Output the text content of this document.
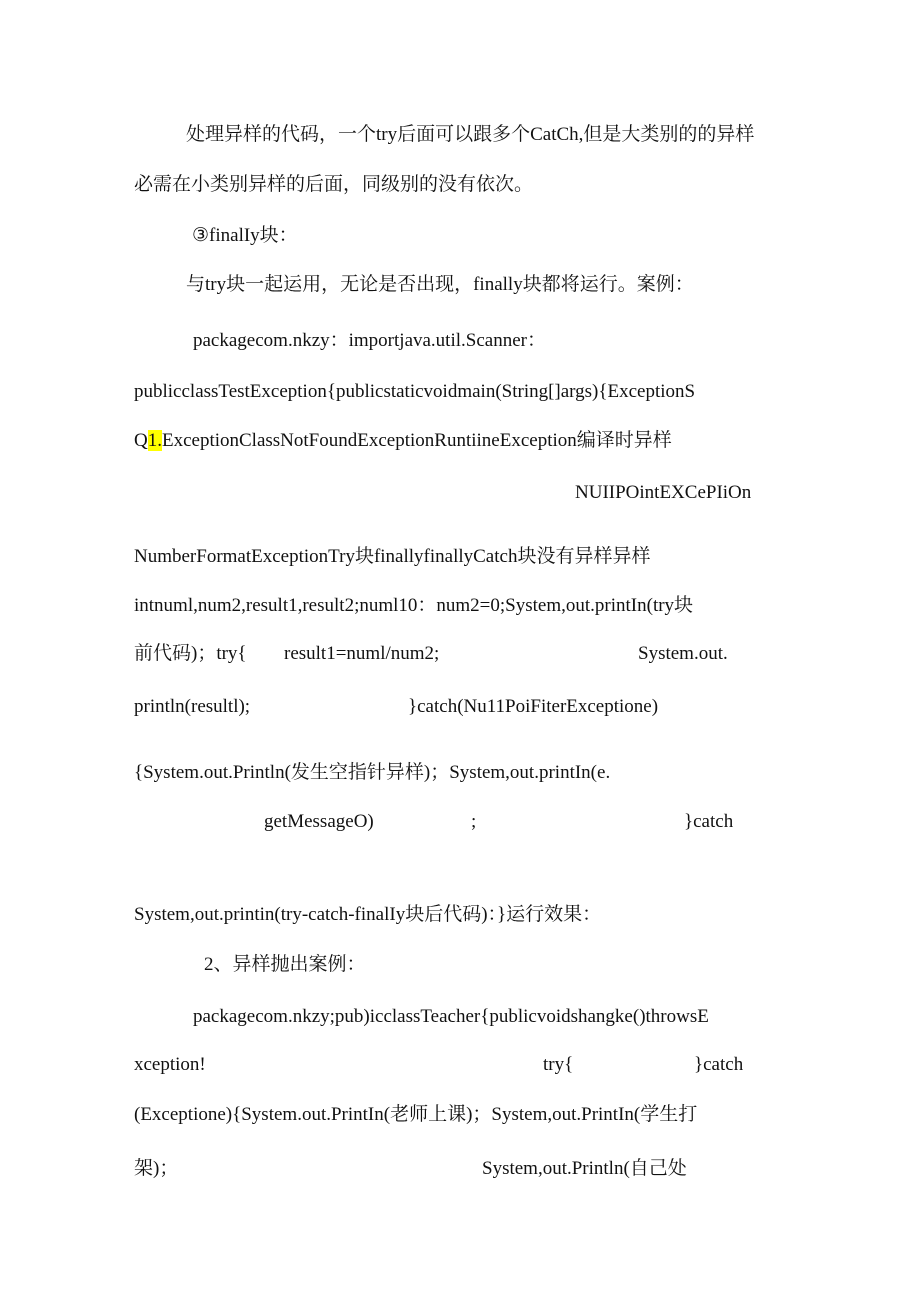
处理异样的代码，一个try后面可以跟多个CatCh,但是大类别的的异样
必需在小类别异样的后面，同级别的没有依次。
③finalIy块：
与try块一起运用，无论是否出现，finally块都将运行。案例：
packagecom.nkzy：importjava.util.Scanner：
publicclassTestException{publicstaticvoidmain(String[]args){ExceptionS
Q1.ExceptionClassNotFoundExceptionRuntiineException编译时异样
NUIIPOintEXCePIiOn
NumberFormatExceptionTry块finallyfinallyCatch块没有异样异样
intnuml,num2,result1,result2;numl10：num2=0;System,out.printIn(try块
前代码)；try{ result1=numl/num2;	System.out.
println(resultl);	}catch(Nu11PoiFiterExceptione)
{System.out.Println(发生空指针异样)；System,out.printIn(e.
getMessageO)	;	}catch
System,out.printin(try-catch-finalIy块后代码)：}运行效果：
2、异样抛出案例：
packagecom.nkzy;pub)icclassTeacher{publicvoidshangke()throwsE
xception!	try{	}catch
(Exceptione){System.out.PrintIn(老师上课)；System,out.PrintIn(学生打
架)；	System,out.Println(自己处
